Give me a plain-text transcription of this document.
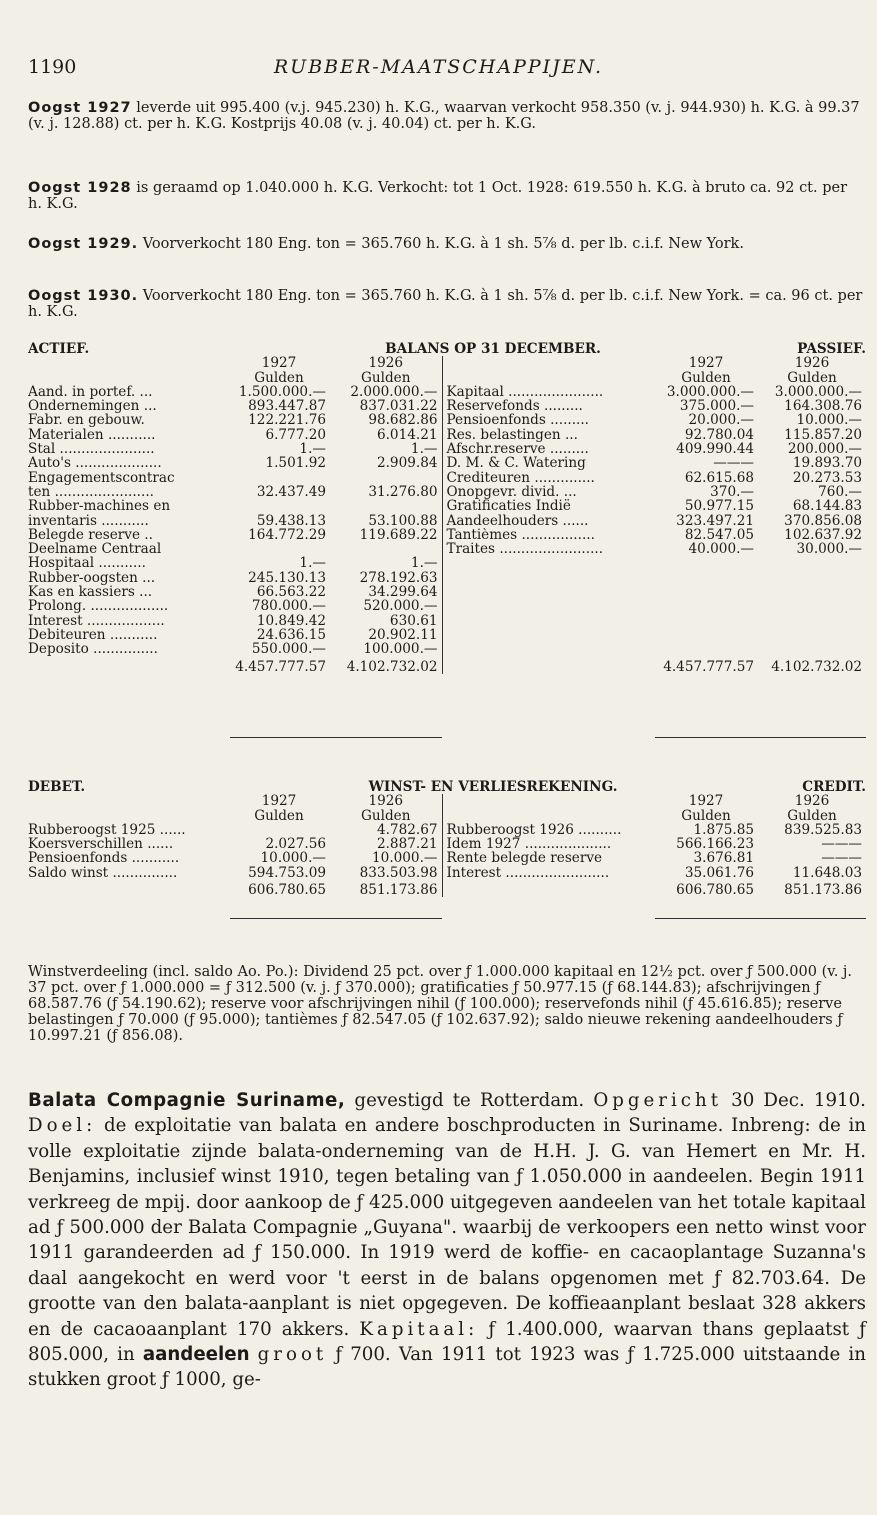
1190	RUBBER-MAATSCHAPPIJEN.
Oogst 1927 leverde uit 995.400 (v.j. 945.230) h. K.G., waarvan verkocht 958.350 (v. j. 944.930) h. K.G. à 99.37 (v. j. 128.88) ct. per h. K.G. Kostprijs 40.08 (v. j. 40.04) ct. per h. K.G.
Oogst 1928 is geraamd op 1.040.000 h. K.G. Verkocht: tot 1 Oct. 1928: 619.550 h. K.G. à bruto ca. 92 ct. per h. K.G.
Oogst 1929. Voorverkocht 180 Eng. ton = 365.760 h. K.G. à 1 sh. 5⅞ d. per lb. c.i.f. New York.
Oogst 1930. Voorverkocht 180 Eng. ton = 365.760 h. K.G. à 1 sh. 5⅞ d. per lb. c.i.f. New York. = ca. 96 ct. per h. K.G.
ACTIEF.	BALANS OP 31 DECEMBER.				PASSIEF.
	1927	1926		1927	1926
	Gulden	Gulden		Gulden	Gulden
Aand. in portef. ...	1.500.000.—	2.000.000.—	Kapitaal ......................	3.000.000.—	3.000.000.—
Ondernemingen ...	893.447.87	837.031.22	Reservefonds .........	375.000.—	164.308.76
Fabr. en gebouw.	122.221.76	98.682.86	Pensioenfonds .........	20.000.—	10.000.—
Materialen ...........	6.777.20	6.014.21	Res. belastingen ...	92.780.04	115.857.20
Stal ......................	1.—	1.—	Afschr.reserve .........	409.990.44	200.000.—
Auto's ....................	1.501.92	2.909.84	D. M. & C. Watering	———	19.893.70
Engagementscontrac			Crediteuren ..............	62.615.68	20.273.53
ten .......................	32.437.49	31.276.80	Onopgevr. divid. ...	370.—	760.—
Rubber-machines en			Gratificaties Indië	50.977.15	68.144.83
inventaris ...........	59.438.13	53.100.88	Aandeelhouders ......	323.497.21	370.856.08
Belegde reserve ..	164.772.29	119.689.22	Tantièmes .................	82.547.05	102.637.92
Deelname Centraal			Traites ........................	40.000.—	30.000.—
Hospitaal ...........	1.—	1.—			
Rubber-oogsten ...	245.130.13	278.192.63			
Kas en kassiers ...	66.563.22	34.299.64			
Prolong. ..................	780.000.—	520.000.—			
Interest ..................	10.849.42	630.61			
Debiteuren ...........	24.636.15	20.902.11			
Deposito ...............	550.000.—	100.000.—			
	4.457.777.57	4.102.732.02		4.457.777.57	4.102.732.02
DEBET.	WINST- EN VERLIESREKENING.				CREDIT.
	1927	1926		1927	1926
	Gulden	Gulden		Gulden	Gulden
Rubberoogst 1925 ......		4.782.67	Rubberoogst 1926 ..........	1.875.85	839.525.83
Koersverschillen ......	2.027.56	2.887.21	Idem 1927 ....................	566.166.23	———
Pensioenfonds ...........	10.000.—	10.000.—	Rente belegde reserve	3.676.81	———
Saldo winst ...............	594.753.09	833.503.98	Interest ........................	35.061.76	11.648.03
	606.780.65	851.173.86		606.780.65	851.173.86
Winstverdeeling (incl. saldo Ao. Po.): Dividend 25 pct. over ƒ 1.000.000 kapitaal en 12½ pct. over ƒ 500.000 (v. j. 37 pct. over ƒ 1.000.000 = ƒ 312.500 (v. j. ƒ 370.000); gratificaties ƒ 50.977.15 (ƒ 68.144.83); afschrijvingen ƒ 68.587.76 (ƒ 54.190.62); reserve voor afschrijvingen nihil (ƒ 100.000); reservefonds nihil (ƒ 45.616.85); reserve belastingen ƒ 70.000 (ƒ 95.000); tantièmes ƒ 82.547.05 (ƒ 102.637.92); saldo nieuwe rekening aandeelhouders ƒ 10.997.21 (ƒ 856.08).
Balata Compagnie Suriname, gevestigd te Rotterdam. Opgericht 30 Dec. 1910. Doel: de exploitatie van balata en andere boschproducten in Suriname. Inbreng: de in volle exploitatie zijnde balata-onderneming van de H.H. J. G. van Hemert en Mr. H. Benjamins, inclusief winst 1910, tegen betaling van ƒ 1.050.000 in aandeelen. Begin 1911 verkreeg de mpij. door aankoop de ƒ 425.000 uitgegeven aandeelen van het totale kapitaal ad ƒ 500.000 der Balata Compagnie „Guyana". waarbij de verkoopers een netto winst voor 1911 garandeerden ad ƒ 150.000. In 1919 werd de koffie- en cacaoplantage Suzanna's daal aangekocht en werd voor 't eerst in de balans opgenomen met ƒ 82.703.64. De grootte van den balata-aanplant is niet opgegeven. De koffieaanplant beslaat 328 akkers en de cacaoaanplant 170 akkers. Kapitaal: ƒ 1.400.000, waarvan thans geplaatst ƒ 805.000, in aandeelen groot ƒ 700. Van 1911 tot 1923 was ƒ 1.725.000 uitstaande in stukken groot ƒ 1000, ge-
